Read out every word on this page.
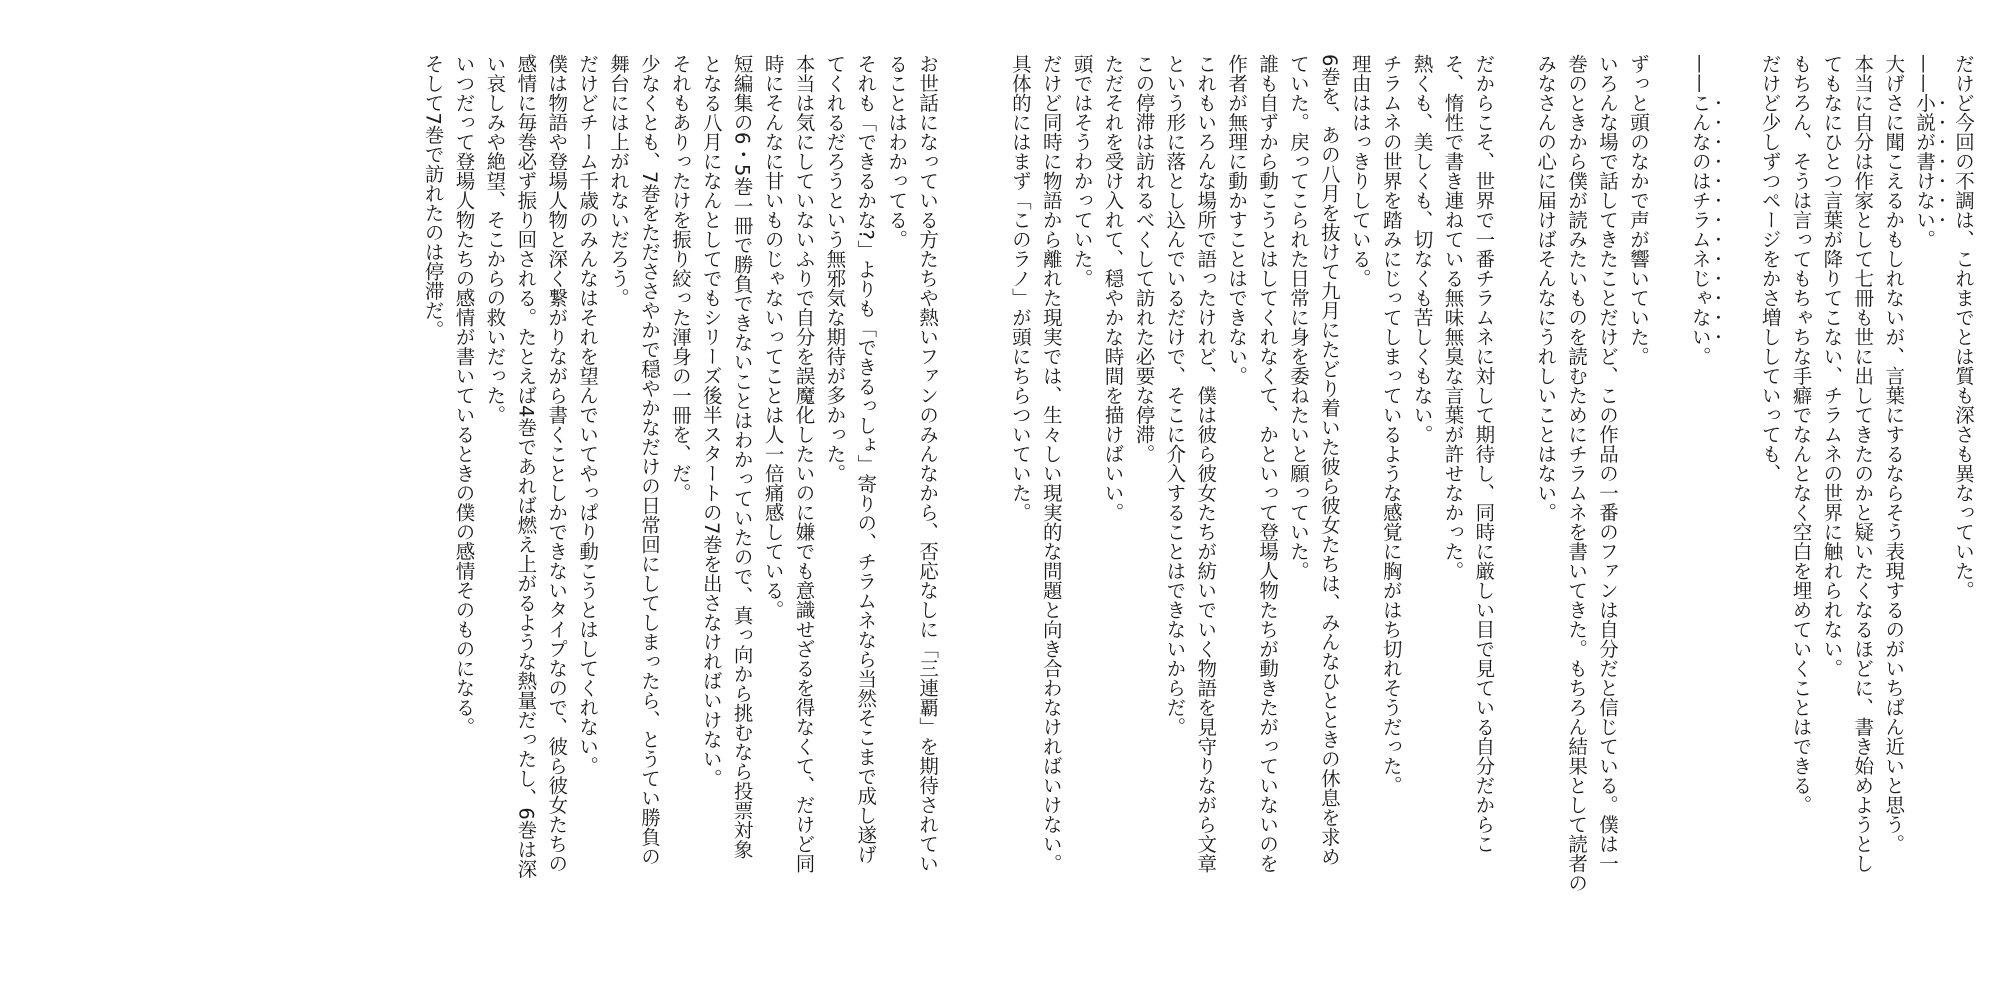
だけど今回の不調は、これまでとは質も深さも異なっていた。

——小説が書けない。

大げさに聞こえるかもしれないが、言葉にするならそう表現するのがいちばん近いと思う。

本当に自分は作家として七冊も世に出してきたのかと疑いたくなるほどに、書き始めようとし

てもなにひとつ言葉が降りてこない、チラムネの世界に触れられない。

もちろん、そうは言ってもちゃちな手癖でなんとなく空白を埋めていくことはできる。

だけど少しずつページをかさ増ししていっても、

——こんなのはチラムネじゃない。

ずっと頭のなかで声が響いていた。

いろんな場で話してきたことだけど、この作品の一番のファンは自分だと信じている。僕は一

巻のときから僕が読みたいものを読むためにチラムネを書いてきた。もちろん結果として読者の

みなさんの心に届けばそんなにうれしいことはない。

だからこそ、世界で一番チラムネに対して期待し、同時に厳しい目で見ている自分だからこ

そ、惰性で書き連ねている無味無臭な言葉が許せなかった。

熱くも、美しくも、切なくも苦しくもない。

チラムネの世界を踏みにじってしまっているような感覚に胸がはち切れそうだった。

理由ははっきりしている。

6巻を、あの八月を抜けて九月にたどり着いた彼ら彼女たちは、みんなひとときの休息を求め

ていた。戻ってこられた日常に身を委ねたいと願っていた。

誰も自ずから動こうとはしてくれなくて、かといって登場人物たちが動きたがっていないのを

作者が無理に動かすことはできない。

これもいろんな場所で語ったけれど、僕は彼ら彼女たちが紡いでいく物語を見守りながら文章

という形に落とし込んでいるだけで、そこに介入することはできないからだ。

この停滞は訪れるべくして訪れた必要な停滞。

ただそれを受け入れて、穏やかな時間を描けばいい。

頭ではそうわかっていた。

だけど同時に物語から離れた現実では、生々しい現実的な問題と向き合わなければいけない。

具体的にはまず「このラノ」が頭にちらついていた。

お世話になっている方たちや熱いファンのみんなから、否応なしに「三連覇」を期待されてい

ることはわかってる。

それも「できるかな?」よりも「できるっしょ」寄りの、チラムネなら当然そこまで成し遂げ

てくれるだろうという無邪気な期待が多かった。

本当は気にしていないふりで自分を誤魔化したいのに嫌でも意識せざるを得なくて、だけど同

時にそんなに甘いものじゃないってことは人一倍痛感している。

短編集の6・5巻一冊で勝負できないことはわかっていたので、真っ向から挑むなら投票対象

となる八月になんとしてでもシリーズ後半スタートの7巻を出さなければいけない。

それもありったけを振り絞った渾身の一冊を、だ。

少なくとも、7巻をただささやかで穏やかなだけの日常回にしてしまったら、とうてい勝負の

舞台には上がれないだろう。

だけどチーム千歳のみんなはそれを望んでいてやっぱり動こうとはしてくれない。

僕は物語や登場人物と深く繋がりながら書くことしかできないタイプなので、彼ら彼女たちの

感情に毎巻必ず振り回される。たとえば4巻であれば燃え上がるような熱量だったし、6巻は深

い哀しみや絶望、そこからの救いだった。

いつだって登場人物たちの感情が書いているときの僕の感情そのものになる。

そして7巻で訪れたのは停滞だ。
